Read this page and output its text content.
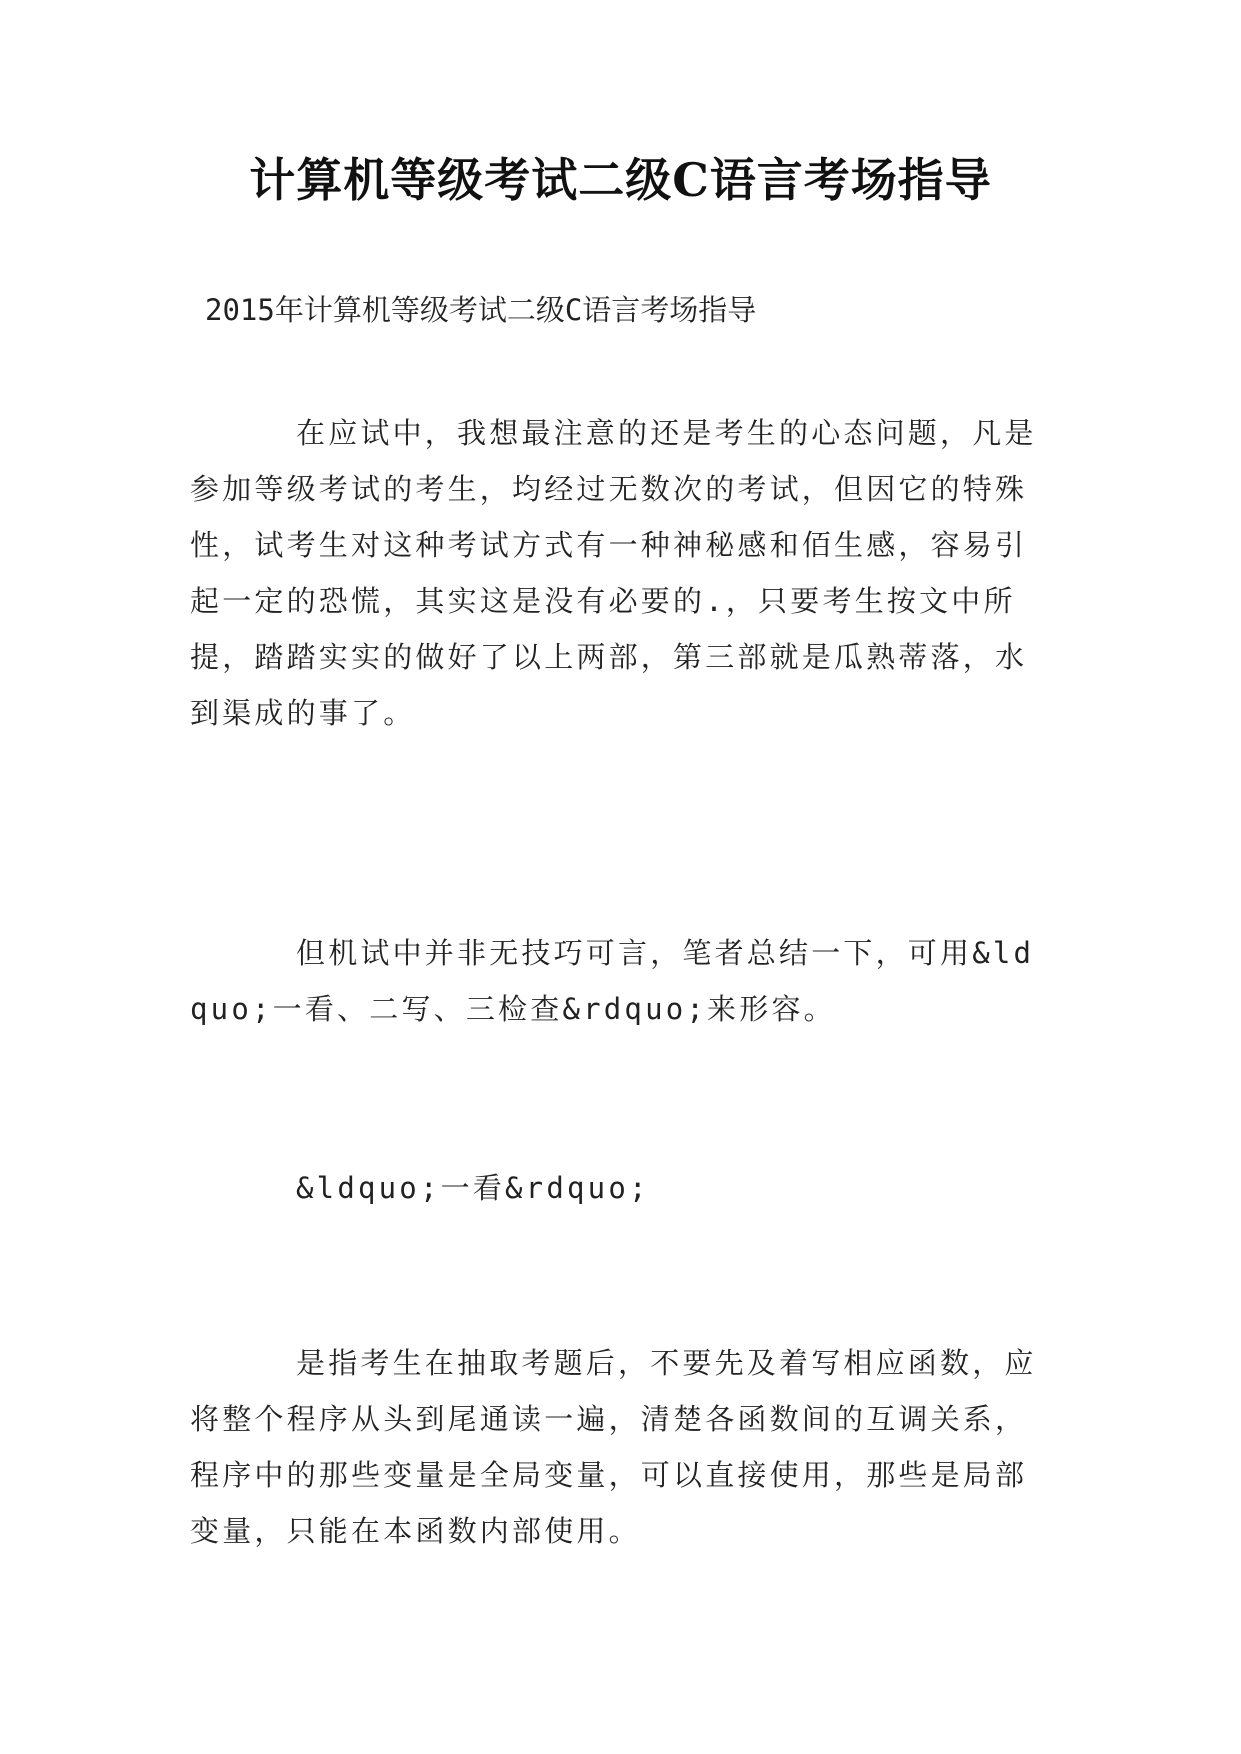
计算机等级考试二级C语言考场指导
2015年计算机等级考试二级C语言考场指导

在应试中，我想最注意的还是考生的心态问题，凡是参加等级考试的考生，均经过无数次的考试，但因它的特殊性，试考生对这种考试方式有一种神秘感和佰生感，容易引起一定的恐慌，其实这是没有必要的.，只要考生按文中所提，踏踏实实的做好了以上两部，第三部就是瓜熟蒂落，水到渠成的事了。

但机试中并非无技巧可言，笔者总结一下，可用&ldquo;一看、二写、三检查&rdquo;来形容。

&ldquo;一看&rdquo;

是指考生在抽取考题后，不要先及着写相应函数，应将整个程序从头到尾通读一遍，清楚各函数间的互调关系，程序中的那些变量是全局变量，可以直接使用，那些是局部变量，只能在本函数内部使用。
